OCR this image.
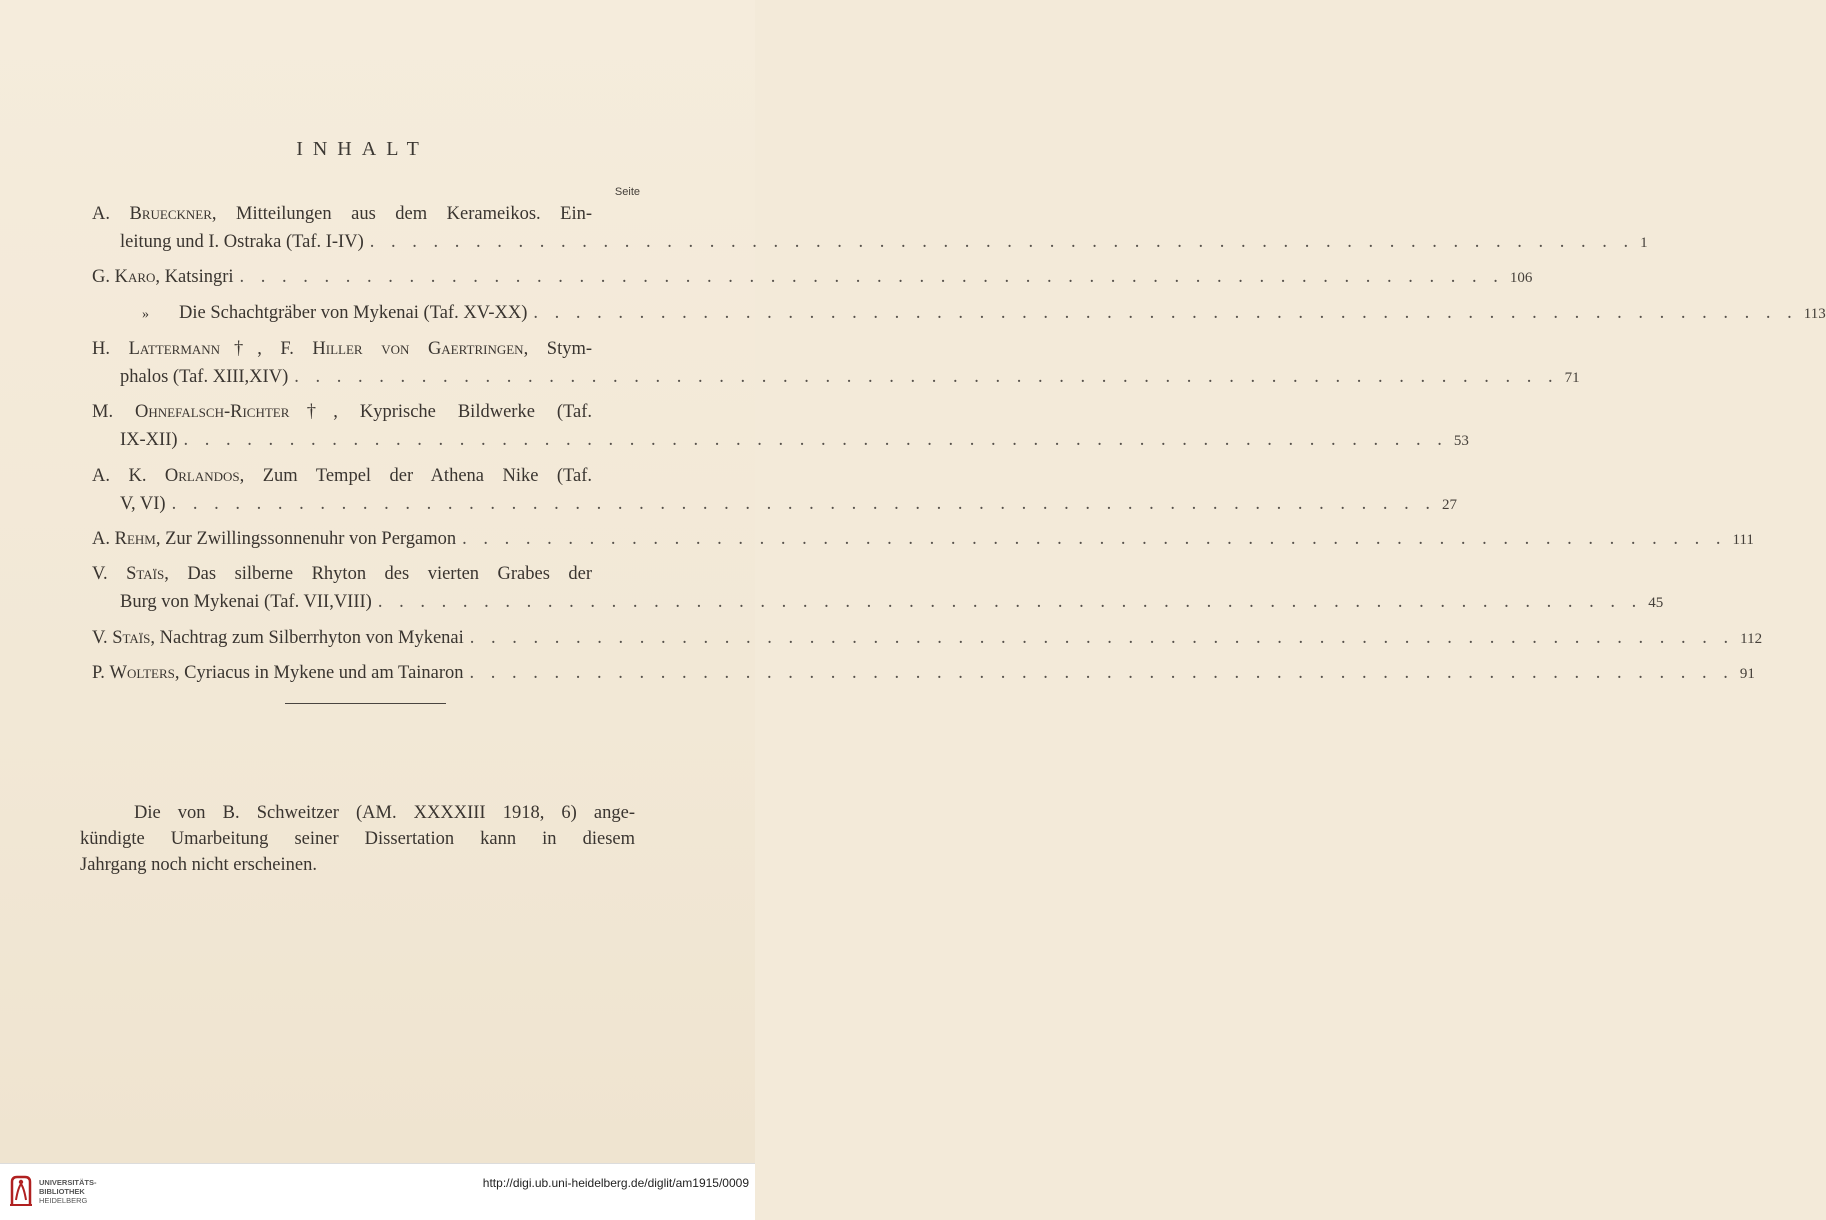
INHALT
Seite
A. Brueckner, Mitteilungen aus dem Kerameikos. Ein-
leitung und I. Ostraka (Taf. I-IV) . . . . . . . . . . . . . . . . . . . . . . . . . . . . . . . . . . . . . . . . . . . . . . . . . . . . . . . . . . . . 1
G. Karo, Katsingri . . . . . . . . . . . . . . . . . . . . . . . . . . . . . . . . . . . . . . . . . . . . . . . . . . . . . . . . . . . . 106
» Die Schachtgräber von Mykenai (Taf. XV-XX) . . . . . . . . . . . . . . . . . . . . . . . . . . . . . . . . . . . . . . . . . . . . . . . . . . . . . . . . . . . . 113
H. Lattermann†, F. Hiller von Gaertringen, Stym-
phalos (Taf. XIII,XIV) . . . . . . . . . . . . . . . . . . . . . . . . . . . . . . . . . . . . . . . . . . . . . . . . . . . . . . . . . . . . 71
M. Ohnefalsch-Richter†, Kyprische Bildwerke (Taf.
IX-XII) . . . . . . . . . . . . . . . . . . . . . . . . . . . . . . . . . . . . . . . . . . . . . . . . . . . . . . . . . . . . 53
A. K. Orlandos, Zum Tempel der Athena Nike (Taf.
V, VI) . . . . . . . . . . . . . . . . . . . . . . . . . . . . . . . . . . . . . . . . . . . . . . . . . . . . . . . . . . . . 27
A. Rehm, Zur Zwillingssonnenuhr von Pergamon . . . . . . . . . . . . . . . . . . . . . . . . . . . . . . . . . . . . . . . . . . . . . . . . . . . . . . . . . . . . 111
V. Staïs, Das silberne Rhyton des vierten Grabes der
Burg von Mykenai (Taf. VII,VIII) . . . . . . . . . . . . . . . . . . . . . . . . . . . . . . . . . . . . . . . . . . . . . . . . . . . . . . . . . . . . 45
V. Staïs, Nachtrag zum Silberrhyton von Mykenai . . . . . . . . . . . . . . . . . . . . . . . . . . . . . . . . . . . . . . . . . . . . . . . . . . . . . . . . . . . . 112
P. Wolters, Cyriacus in Mykene und am Tainaron . . . . . . . . . . . . . . . . . . . . . . . . . . . . . . . . . . . . . . . . . . . . . . . . . . . . . . . . . . . . 91
Die von B. Schweitzer (AM. XXXXIII 1918, 6) ange-
kündigte Umarbeitung seiner Dissertation kann in diesem
Jahrgang noch nicht erscheinen.
UNIVERSITÄTS-
BIBLIOTHEK
HEIDELBERG
http://digi.ub.uni-heidelberg.de/diglit/am1915/0009
